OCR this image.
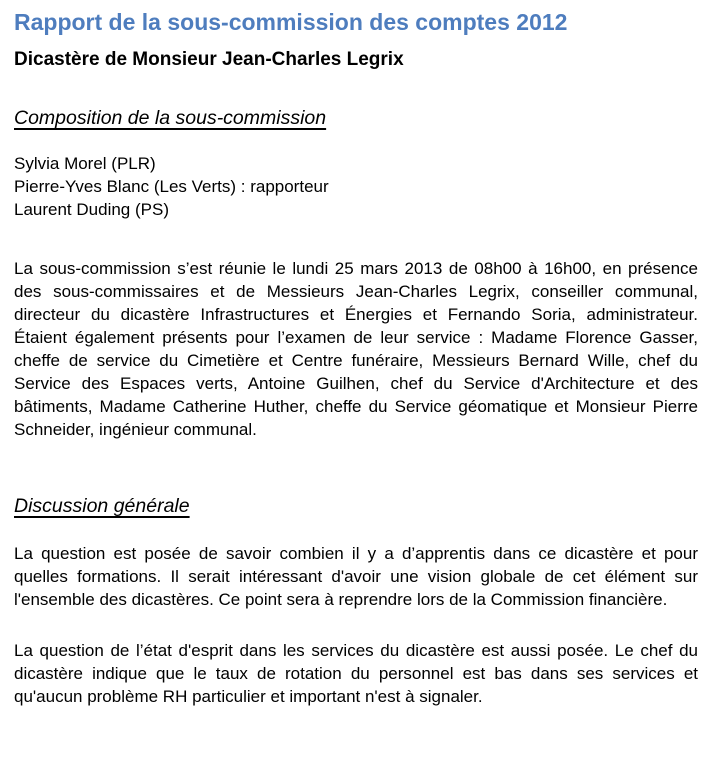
Rapport de la sous-commission des comptes 2012
Dicastère de Monsieur Jean-Charles Legrix
Composition de la sous-commission
Sylvia Morel (PLR)
Pierre-Yves Blanc (Les Verts) : rapporteur
Laurent Duding (PS)

La sous-commission s’est réunie le lundi 25 mars 2013 de 08h00 à 16h00, en présence des sous-commissaires et de Messieurs Jean-Charles Legrix, conseiller communal, directeur du dicastère Infrastructures et Énergies et Fernando Soria, administrateur. Étaient également présents pour l’examen de leur service : Madame Florence Gasser, cheffe de service du Cimetière et Centre funéraire, Messieurs Bernard Wille, chef du Service des Espaces verts, Antoine Guilhen, chef du Service d'Architecture et des bâtiments, Madame Catherine Huther, cheffe du Service géomatique et Monsieur Pierre Schneider, ingénieur communal.

Discussion générale

La question est posée de savoir combien il y a d’apprentis dans ce dicastère et pour quelles formations. Il serait intéressant d'avoir une vision globale de cet élément sur l'ensemble des dicastères. Ce point sera à reprendre lors de la Commission financière.

La question de l’état d'esprit dans les services du dicastère est aussi posée. Le chef du dicastère indique que le taux de rotation du personnel est bas dans ses services et qu'aucun problème RH particulier et important n'est à signaler.
